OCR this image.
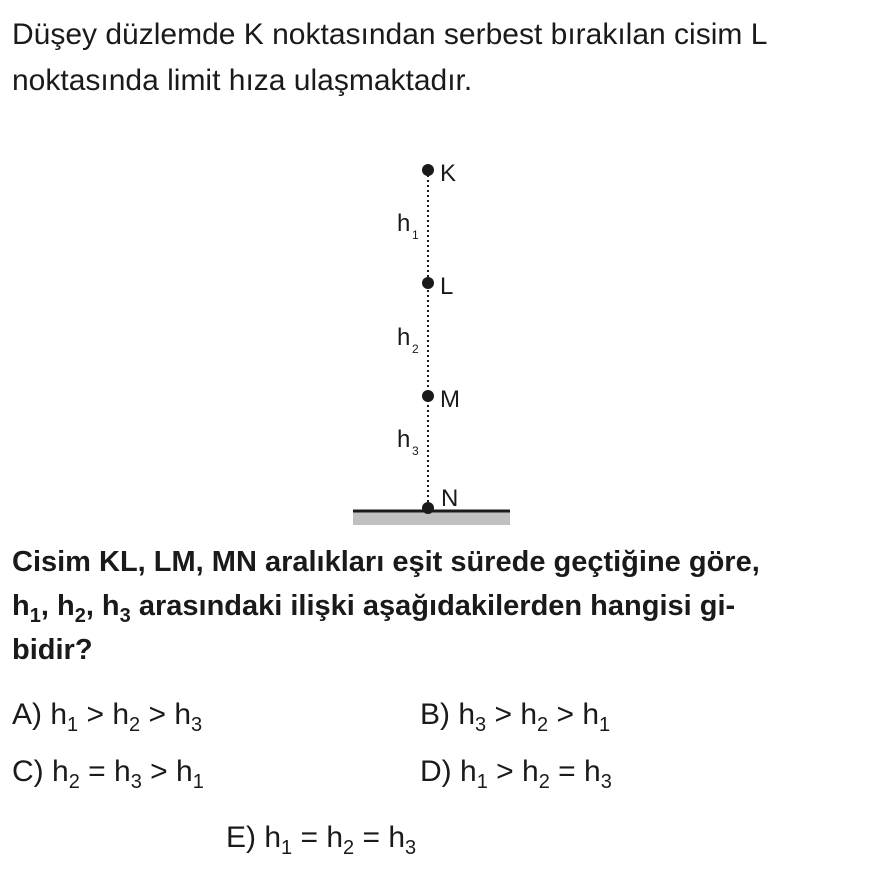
Düşey düzlemde K noktasından serbest bırakılan cisim L
noktasında limit hıza ulaşmaktadır.
K
L
M
N
h 1
h 2
h 3
Cisim KL, LM, MN aralıkları eşit sürede geçtiğine göre,
$h_1$, $h_2$, $h_3$ arasındaki ilişki aşağıdakilerden hangisi gi-
bidir?
A) $h_1 > h_2 > h_3$	B) $h_3 > h_2 > h_1$
C) $h_2 = h_3 > h_1$	D) $h_1 > h_2 = h_3$
E) $h_1 = h_2 = h_3$
